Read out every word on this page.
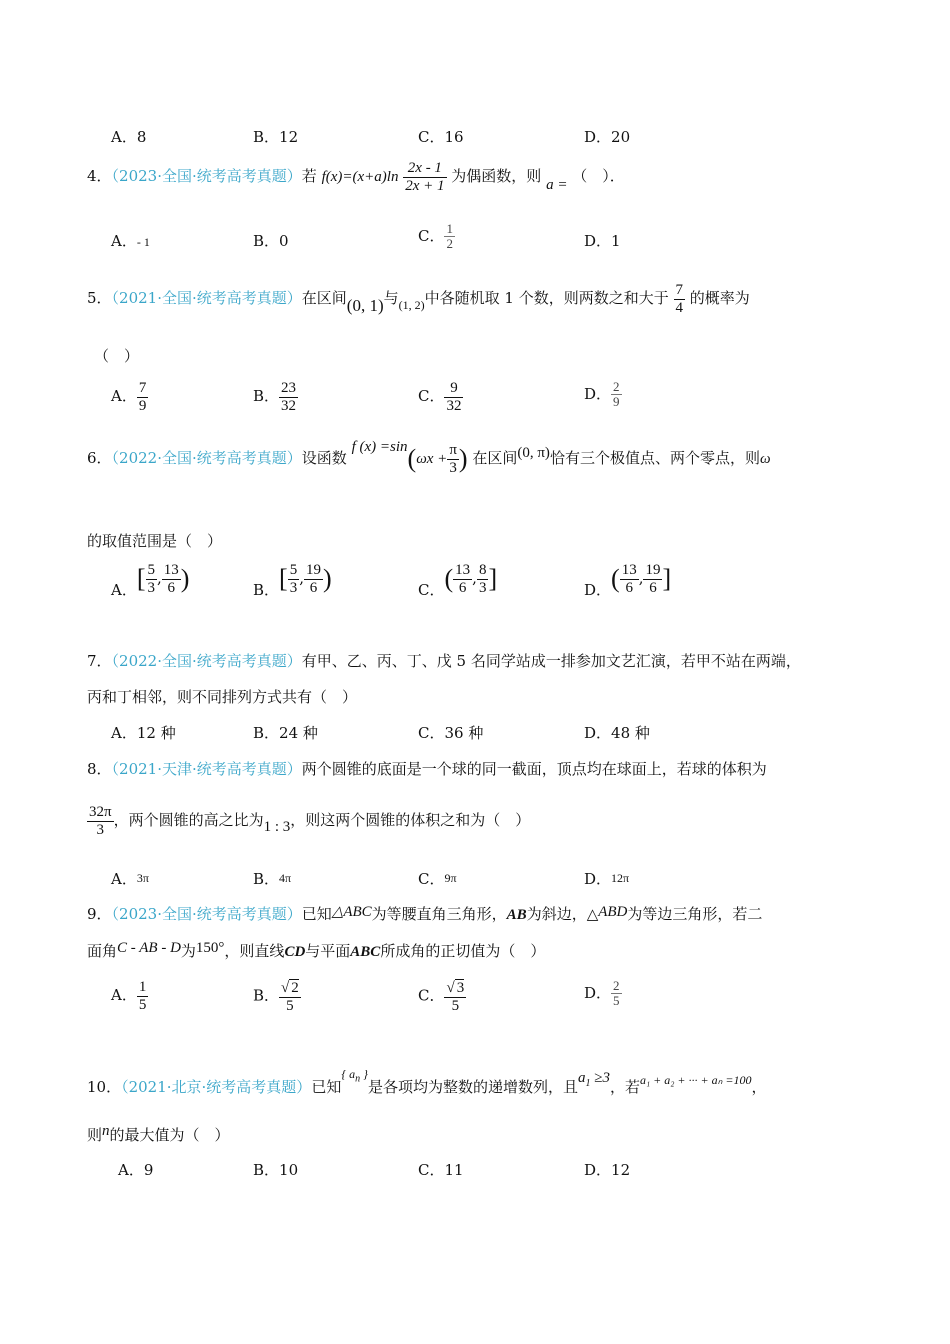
A．8	B．12	C．16	D．20
4．（2023·全国·统考高考真题）若 $f(x)=(x+a)\ln \frac{2x - 1}{2x + 1}$ 为偶函数，则 a = （　）．
A．- 1	B．0	C． $\frac{1}{2}$	D．1
5．（2021·全国·统考高考真题）在区间(0, 1)与$_{(1, 2)}$中各随机取 1 个数，则两数之和大于 $\frac{7}{4}$ 的概率为
（　）
A． $\frac{7}{9}$	B． $\frac{23}{32}$	C． $\frac{9}{32}$	D． $\frac{2}{9}$
6．（2022·全国·统考高考真题）设函数 f $(x) =\sin(\omega x + \frac{\pi}{3}$ ) 在区间(0, π)恰有三个极值点、两个零点，则ω
的取值范围是（　）
A．[ $\frac{5}{3}$ , $\frac{13}{6}$ )	B．[ $\frac{5}{3}$ , $\frac{19}{6}$ )	C．( $\frac{13}{6}$ , $\frac{8}{3}$ ]	D．( $\frac{13}{6}$ , $\frac{19}{6}$ ]
7．（2022·全国·统考高考真题）有甲、乙、丙、丁、戊 5 名同学站成一排参加文艺汇演，若甲不站在两端，
丙和丁相邻，则不同排列方式共有（　）
A．12 种	B．24 种	C．36 种	D．48 种
8．（2021·天津·统考高考真题）两个圆锥的底面是一个球的同一截面，顶点均在球面上，若球的体积为
$\frac{32\pi}{3}$ ，两个圆锥的高之比为1 : 3，则这两个圆锥的体积之和为（　）
A．3π	B．4π	C．9π	D．12π
9．（2023·全国·统考高考真题）已知△ABC为等腰直角三角形，AB为斜边，△ABD为等边三角形，若二
面角C - AB - D为150°，则直线CD与平面ABC所成角的正切值为（　）
A． $\frac{1}{5}$	B． $\frac{√ 2}{5}$	C． $\frac{√ 3}{5}$	D． $\frac{2}{5}$
10．（2021·北京·统考高考真题）已知$^{\{ a_n \}}$是各项均为整数的递增数列，且$a_1 \ge 3$，若$^{a_1 + a_2 + \cdot\cdot\cdot + a_n =100}$，
则n的最大值为（　）
A．9	B．10	C．11	D．12
